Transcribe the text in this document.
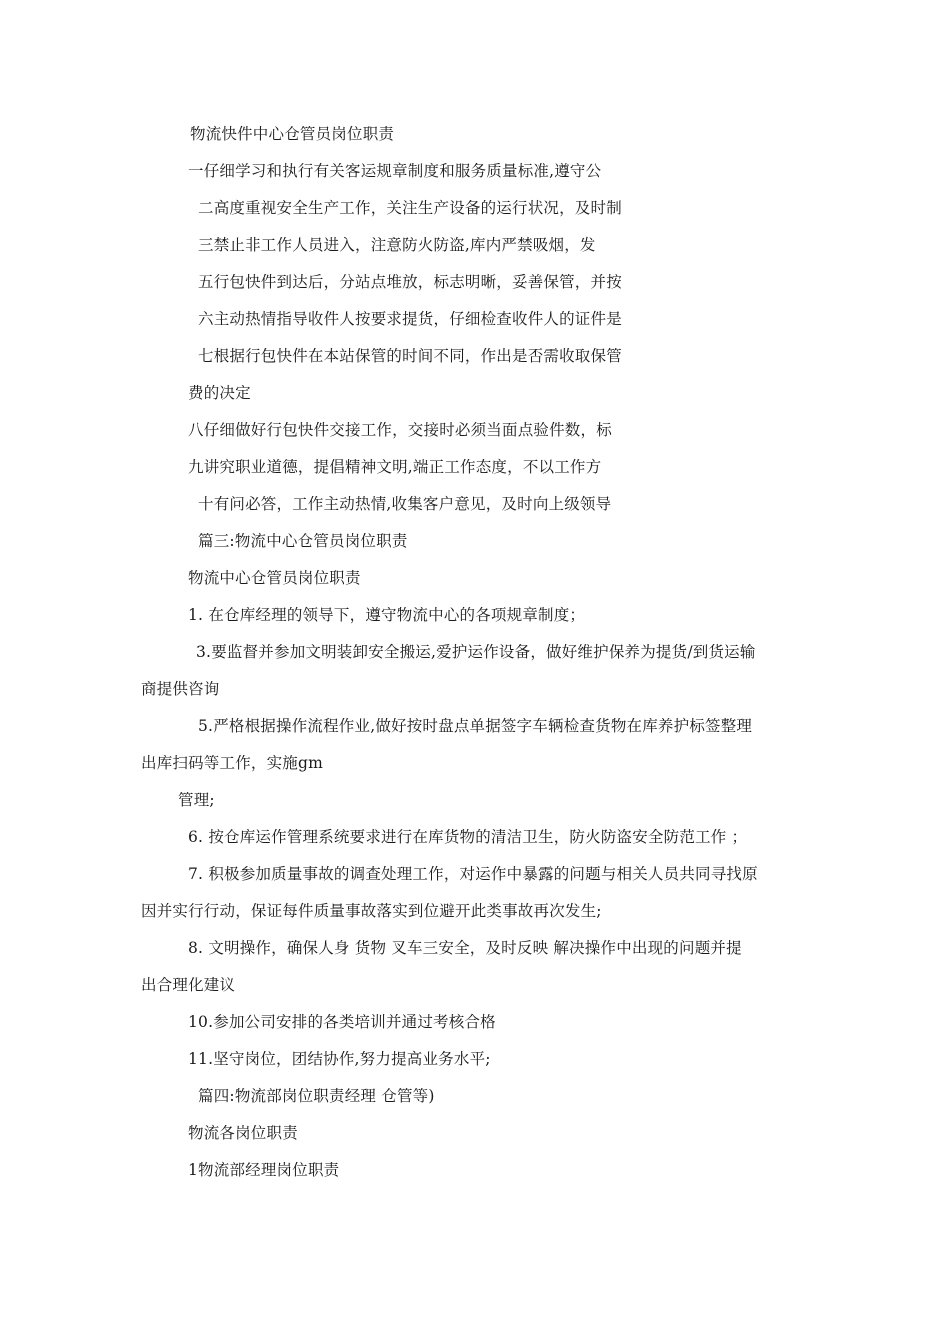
物流快件中心仓管员岗位职责
一仔细学习和执行有关客运规章制度和服务质量标准,遵守公
二高度重视安全生产工作，关注生产设备的运行状况，及时制
三禁止非工作人员进入，注意防火防盗,库内严禁吸烟，发
五行包快件到达后，分站点堆放，标志明晰，妥善保管，并按
六主动热情指导收件人按要求提货，仔细检查收件人的证件是
七根据行包快件在本站保管的时间不同，作出是否需收取保管
费的决定
八仔细做好行包快件交接工作，交接时必须当面点验件数，标
九讲究职业道德，提倡精神文明,端正工作态度，不以工作方
十有问必答，工作主动热情,收集客户意见，及时向上级领导
篇三:物流中心仓管员岗位职责
物流中心仓管员岗位职责
1. 在仓库经理的领导下，遵守物流中心的各项规章制度；
3.要监督并参加文明装卸安全搬运,爱护运作设备，做好维护保养为提货/到货运输
商提供咨询
5.严格根据操作流程作业,做好按时盘点单据签字车辆检查货物在库养护标签整理
出库扫码等工作，实施gm
管理;
6. 按仓库运作管理系统要求进行在库货物的清洁卫生，防火防盗安全防范工作 ；
7. 积极参加质量事故的调查处理工作，对运作中暴露的问题与相关人员共同寻找原
因并实行行动，保证每件质量事故落实到位避开此类事故再次发生;
8. 文明操作，确保人身 货物 叉车三安全，及时反映 解决操作中出现的问题并提
出合理化建议
10.参加公司安排的各类培训并通过考核合格
11.坚守岗位，团结协作,努力提高业务水平;
篇四:物流部岗位职责经理 仓管等)
物流各岗位职责
1物流部经理岗位职责
